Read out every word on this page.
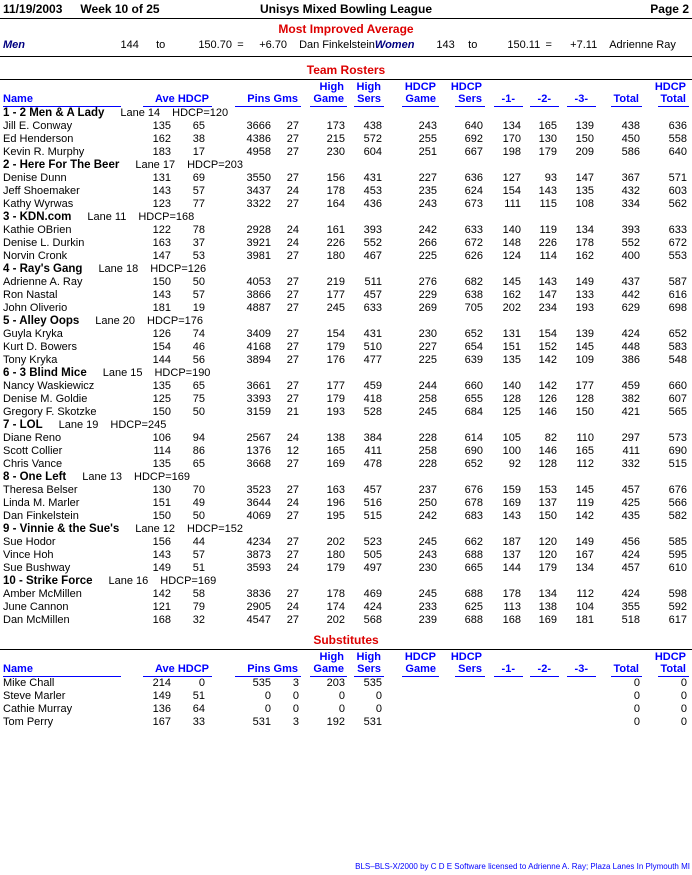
11/19/2003 Week 10 of 25	Unisys Mixed Bowling League	Page 2
Most Improved Average
Men	144	to	150.70 =	+6.70 Dan Finkelstein Women	143	to	150.11 =	+7.11 Adrienne Ray
Team Rosters
					High	High	HDCP	HDCP					HDCP
Name	Ave HDCP		Pins Gms		Game	Sers	Game	Sers	-1-	-2-	-3-	Total	Total
1 - 2 Men & A Lady Lane 14 HDCP=120													
Jill E. Conway	135	65	3666	27	173	438	243	640	134	165	139	438	636
Ed Henderson	162	38	4386	27	215	572	255	692	170	130	150	450	558
Kevin R. Murphy	183	17	4958	27	230	604	251	667	198	179	209	586	640
2 - Here For The Beer Lane 17 HDCP=203													
Denise Dunn	131	69	3550	27	156	431	227	636	127	93	147	367	571
Jeff Shoemaker	143	57	3437	24	178	453	235	624	154	143	135	432	603
Kathy Wyrwas	123	77	3322	27	164	436	243	673	111	115	108	334	562
3 - KDN.com Lane 11 HDCP=168													
Kathie OBrien	122	78	2928	24	161	393	242	633	140	119	134	393	633
Denise L. Durkin	163	37	3921	24	226	552	266	672	148	226	178	552	672
Norvin Cronk	147	53	3981	27	180	467	225	626	124	114	162	400	553
4 - Ray's Gang Lane 18 HDCP=126													
Adrienne A. Ray	150	50	4053	27	219	511	276	682	145	143	149	437	587
Ron Nastal	143	57	3866	27	177	457	229	638	162	147	133	442	616
John Oliverio	181	19	4887	27	245	633	269	705	202	234	193	629	698
5 - Alley Oops Lane 20 HDCP=176													
Guyla Kryka	126	74	3409	27	154	431	230	652	131	154	139	424	652
Kurt D. Bowers	154	46	4168	27	179	510	227	654	151	152	145	448	583
Tony Kryka	144	56	3894	27	176	477	225	639	135	142	109	386	548
6 - 3 Blind Mice Lane 15 HDCP=190													
Nancy Waskiewicz	135	65	3661	27	177	459	244	660	140	142	177	459	660
Denise M. Goldie	125	75	3393	27	179	418	258	655	128	126	128	382	607
Gregory F. Skotzke	150	50	3159	21	193	528	245	684	125	146	150	421	565
7 - LOL Lane 19 HDCP=245													
Diane Reno	106	94	2567	24	138	384	228	614	105	82	110	297	573
Scott Collier	114	86	1376	12	165	411	258	690	100	146	165	411	690
Chris Vance	135	65	3668	27	169	478	228	652	92	128	112	332	515
8 - One Left Lane 13 HDCP=169													
Theresa Belser	130	70	3523	27	163	457	237	676	159	153	145	457	676
Linda M. Marler	151	49	3644	24	196	516	250	678	169	137	119	425	566
Dan Finkelstein	150	50	4069	27	195	515	242	683	143	150	142	435	582
9 - Vinnie & the Sue's Lane 12 HDCP=152													
Sue Hodor	156	44	4234	27	202	523	245	662	187	120	149	456	585
Vince Hoh	143	57	3873	27	180	505	243	688	137	120	167	424	595
Sue Bushway	149	51	3593	24	179	497	230	665	144	179	134	457	610
10 - Strike Force Lane 16 HDCP=169													
Amber McMillen	142	58	3836	27	178	469	245	688	178	134	112	424	598
June Cannon	121	79	2905	24	174	424	233	625	113	138	104	355	592
Dan McMillen	168	32	4547	27	202	568	239	688	168	169	181	518	617
Substitutes
					High	High	HDCP	HDCP					HDCP
Name	Ave HDCP		Pins Gms		Game	Sers	Game	Sers	-1-	-2-	-3-	Total	Total
Mike Chall	214	0	535	3	203	535						0	0
Steve Marler	149	51	0	0	0	0						0	0
Cathie Murray	136	64	0	0	0	0						0	0
Tom Perry	167	33	531	3	192	531						0	0
BLS–BLS-X/2000 by C D E Software licensed to Adrienne A. Ray; Plaza Lanes In Plymouth MI
